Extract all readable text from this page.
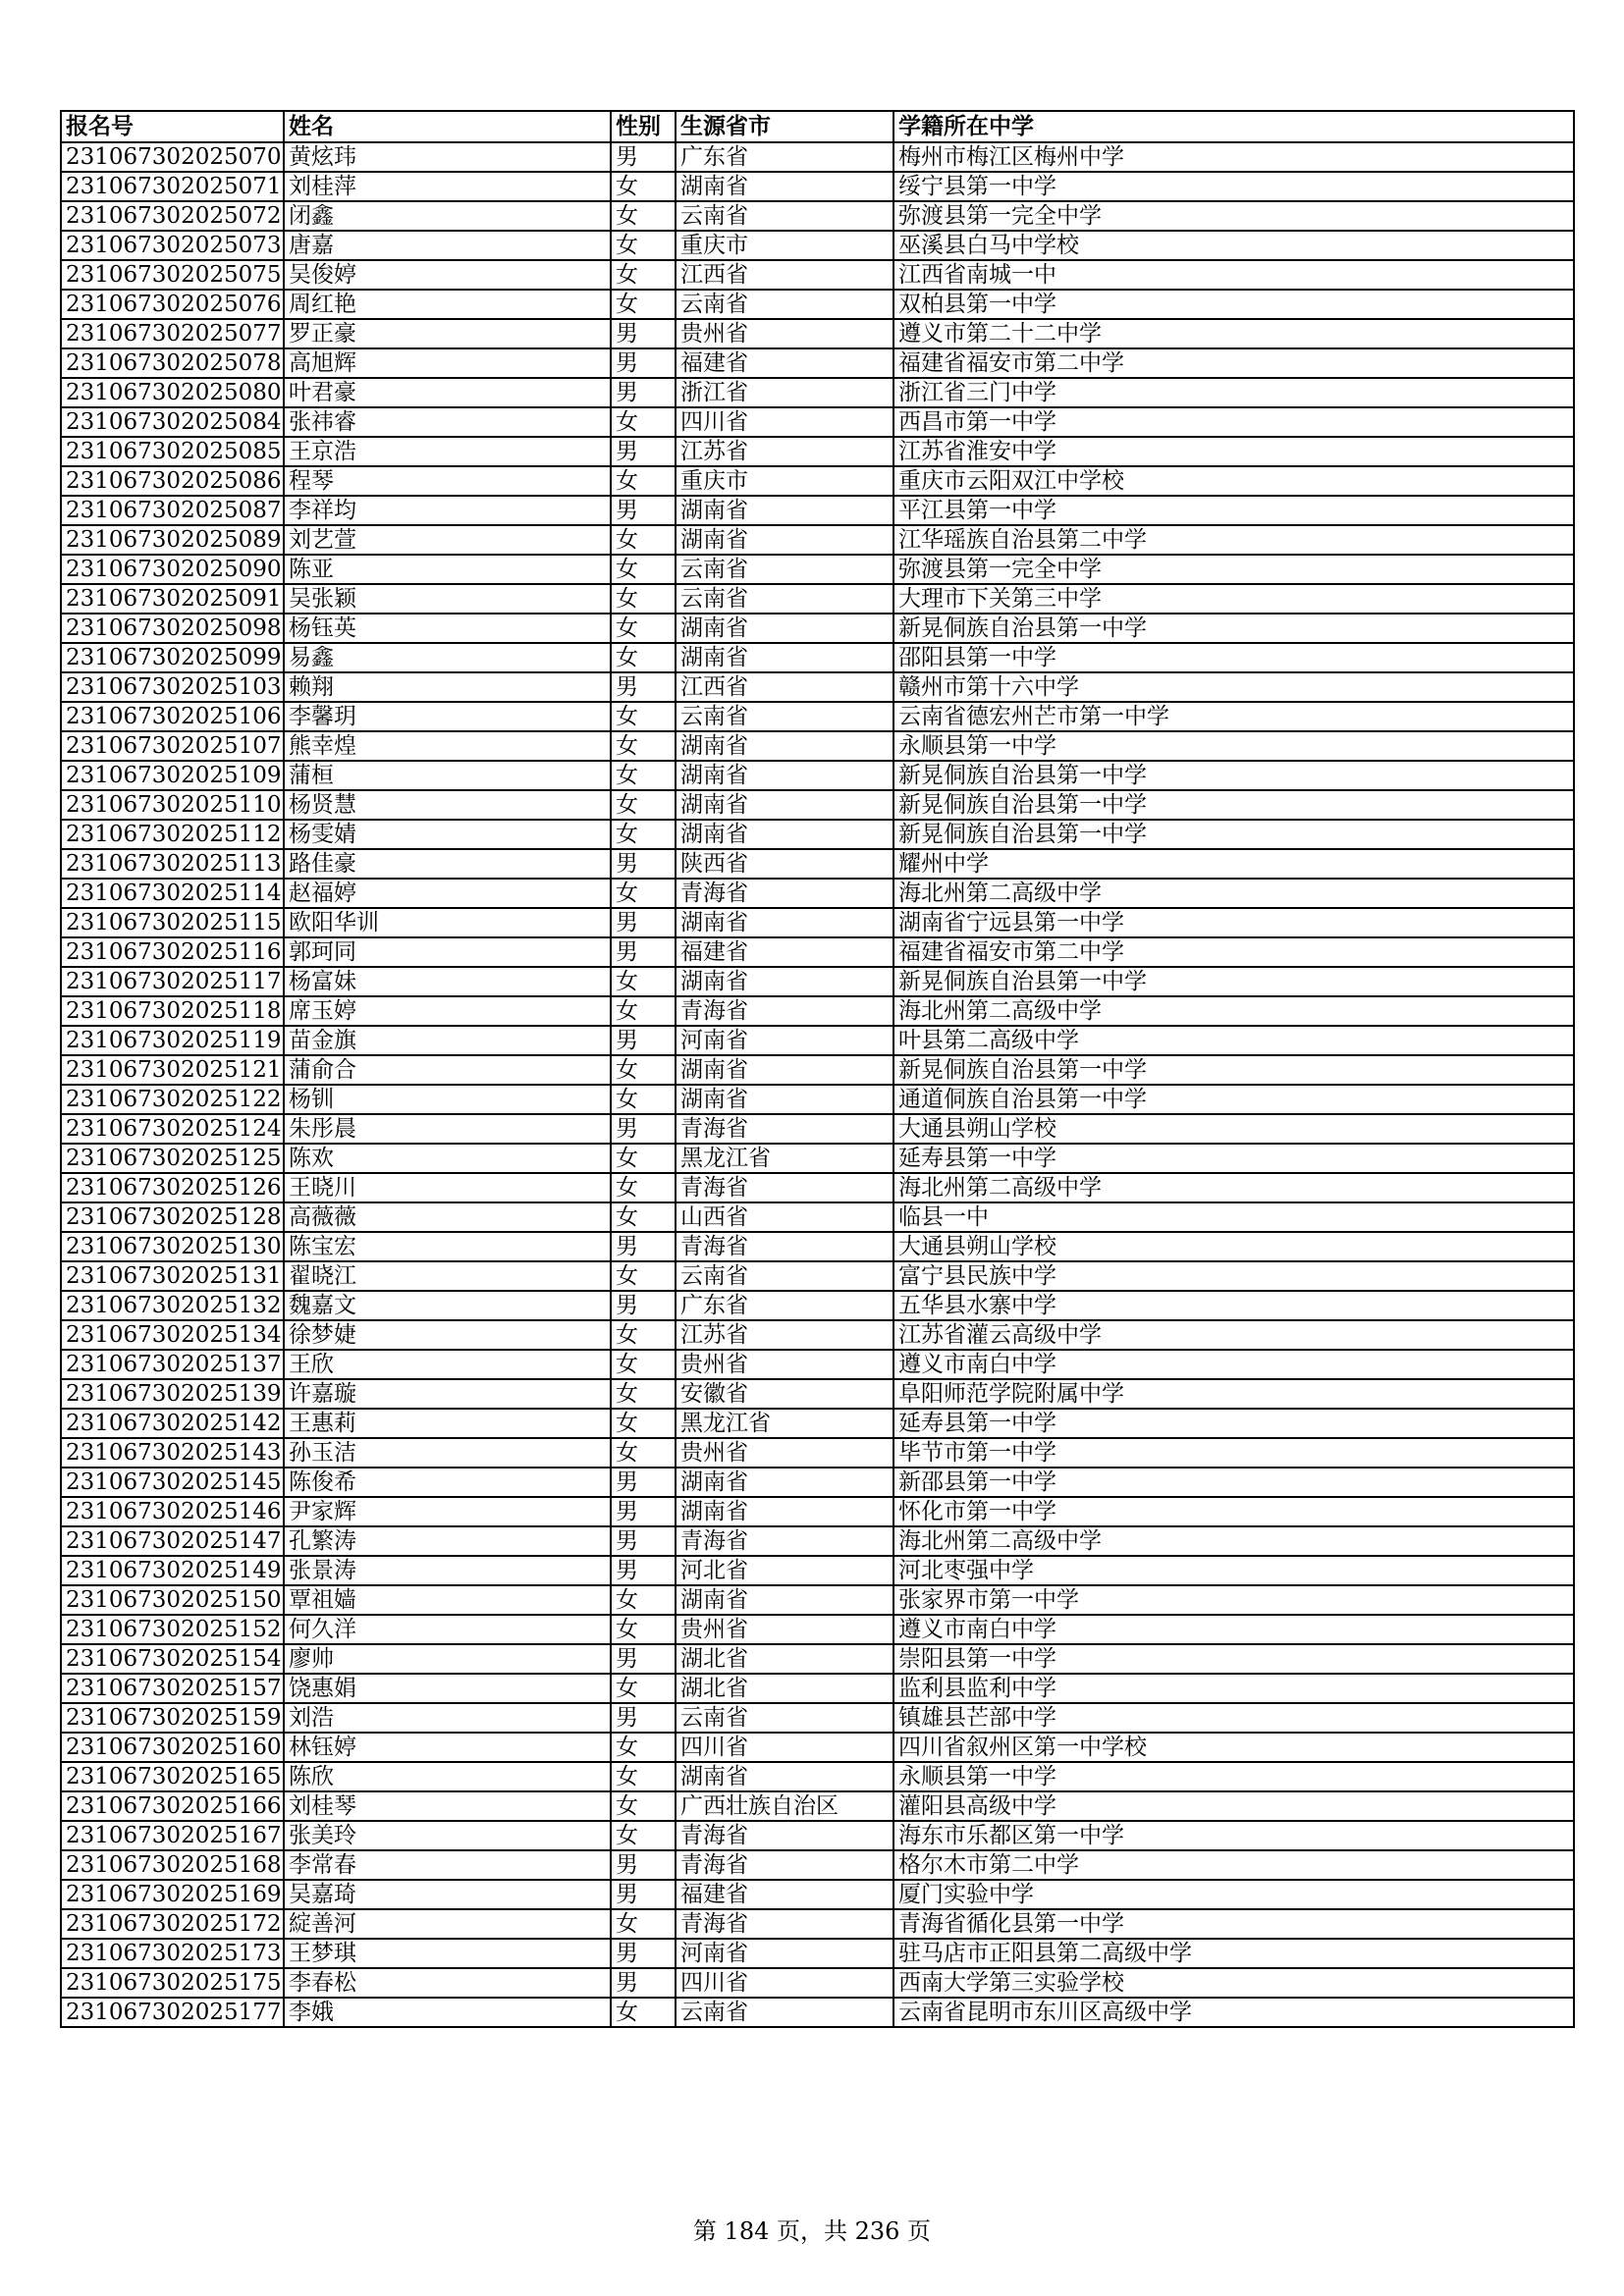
报名号	姓名	性别	生源省市	学籍所在中学
231067302025070	黄炫玮	男	广东省	梅州市梅江区梅州中学
231067302025071	刘桂萍	女	湖南省	绥宁县第一中学
231067302025072	闭鑫	女	云南省	弥渡县第一完全中学
231067302025073	唐嘉	女	重庆市	巫溪县白马中学校
231067302025075	吴俊婷	女	江西省	江西省南城一中
231067302025076	周红艳	女	云南省	双柏县第一中学
231067302025077	罗正豪	男	贵州省	遵义市第二十二中学
231067302025078	高旭辉	男	福建省	福建省福安市第二中学
231067302025080	叶君豪	男	浙江省	浙江省三门中学
231067302025084	张祎睿	女	四川省	西昌市第一中学
231067302025085	王京浩	男	江苏省	江苏省淮安中学
231067302025086	程琴	女	重庆市	重庆市云阳双江中学校
231067302025087	李祥均	男	湖南省	平江县第一中学
231067302025089	刘艺萱	女	湖南省	江华瑶族自治县第二中学
231067302025090	陈亚	女	云南省	弥渡县第一完全中学
231067302025091	吴张颖	女	云南省	大理市下关第三中学
231067302025098	杨钰英	女	湖南省	新晃侗族自治县第一中学
231067302025099	易鑫	女	湖南省	邵阳县第一中学
231067302025103	赖翔	男	江西省	赣州市第十六中学
231067302025106	李馨玥	女	云南省	云南省德宏州芒市第一中学
231067302025107	熊幸煌	女	湖南省	永顺县第一中学
231067302025109	蒲桓	女	湖南省	新晃侗族自治县第一中学
231067302025110	杨贤慧	女	湖南省	新晃侗族自治县第一中学
231067302025112	杨雯婧	女	湖南省	新晃侗族自治县第一中学
231067302025113	路佳豪	男	陕西省	耀州中学
231067302025114	赵福婷	女	青海省	海北州第二高级中学
231067302025115	欧阳华训	男	湖南省	湖南省宁远县第一中学
231067302025116	郭珂同	男	福建省	福建省福安市第二中学
231067302025117	杨富妹	女	湖南省	新晃侗族自治县第一中学
231067302025118	席玉婷	女	青海省	海北州第二高级中学
231067302025119	苗金旗	男	河南省	叶县第二高级中学
231067302025121	蒲俞合	女	湖南省	新晃侗族自治县第一中学
231067302025122	杨钏	女	湖南省	通道侗族自治县第一中学
231067302025124	朱彤晨	男	青海省	大通县朔山学校
231067302025125	陈欢	女	黑龙江省	延寿县第一中学
231067302025126	王晓川	女	青海省	海北州第二高级中学
231067302025128	高薇薇	女	山西省	临县一中
231067302025130	陈宝宏	男	青海省	大通县朔山学校
231067302025131	翟晓江	女	云南省	富宁县民族中学
231067302025132	魏嘉文	男	广东省	五华县水寨中学
231067302025134	徐梦婕	女	江苏省	江苏省灌云高级中学
231067302025137	王欣	女	贵州省	遵义市南白中学
231067302025139	许嘉璇	女	安徽省	阜阳师范学院附属中学
231067302025142	王惠莉	女	黑龙江省	延寿县第一中学
231067302025143	孙玉洁	女	贵州省	毕节市第一中学
231067302025145	陈俊希	男	湖南省	新邵县第一中学
231067302025146	尹家辉	男	湖南省	怀化市第一中学
231067302025147	孔繁涛	男	青海省	海北州第二高级中学
231067302025149	张景涛	男	河北省	河北枣强中学
231067302025150	覃祖嫱	女	湖南省	张家界市第一中学
231067302025152	何久洋	女	贵州省	遵义市南白中学
231067302025154	廖帅	男	湖北省	崇阳县第一中学
231067302025157	饶惠娟	女	湖北省	监利县监利中学
231067302025159	刘浩	男	云南省	镇雄县芒部中学
231067302025160	林钰婷	女	四川省	四川省叙州区第一中学校
231067302025165	陈欣	女	湖南省	永顺县第一中学
231067302025166	刘桂琴	女	广西壮族自治区	灌阳县高级中学
231067302025167	张美玲	女	青海省	海东市乐都区第一中学
231067302025168	李常春	男	青海省	格尔木市第二中学
231067302025169	吴嘉琦	男	福建省	厦门实验中学
231067302025172	綻善河	女	青海省	青海省循化县第一中学
231067302025173	王梦琪	男	河南省	驻马店市正阳县第二高级中学
231067302025175	李春松	男	四川省	西南大学第三实验学校
231067302025177	李娥	女	云南省	云南省昆明市东川区高级中学
第 184 页，共 236 页
